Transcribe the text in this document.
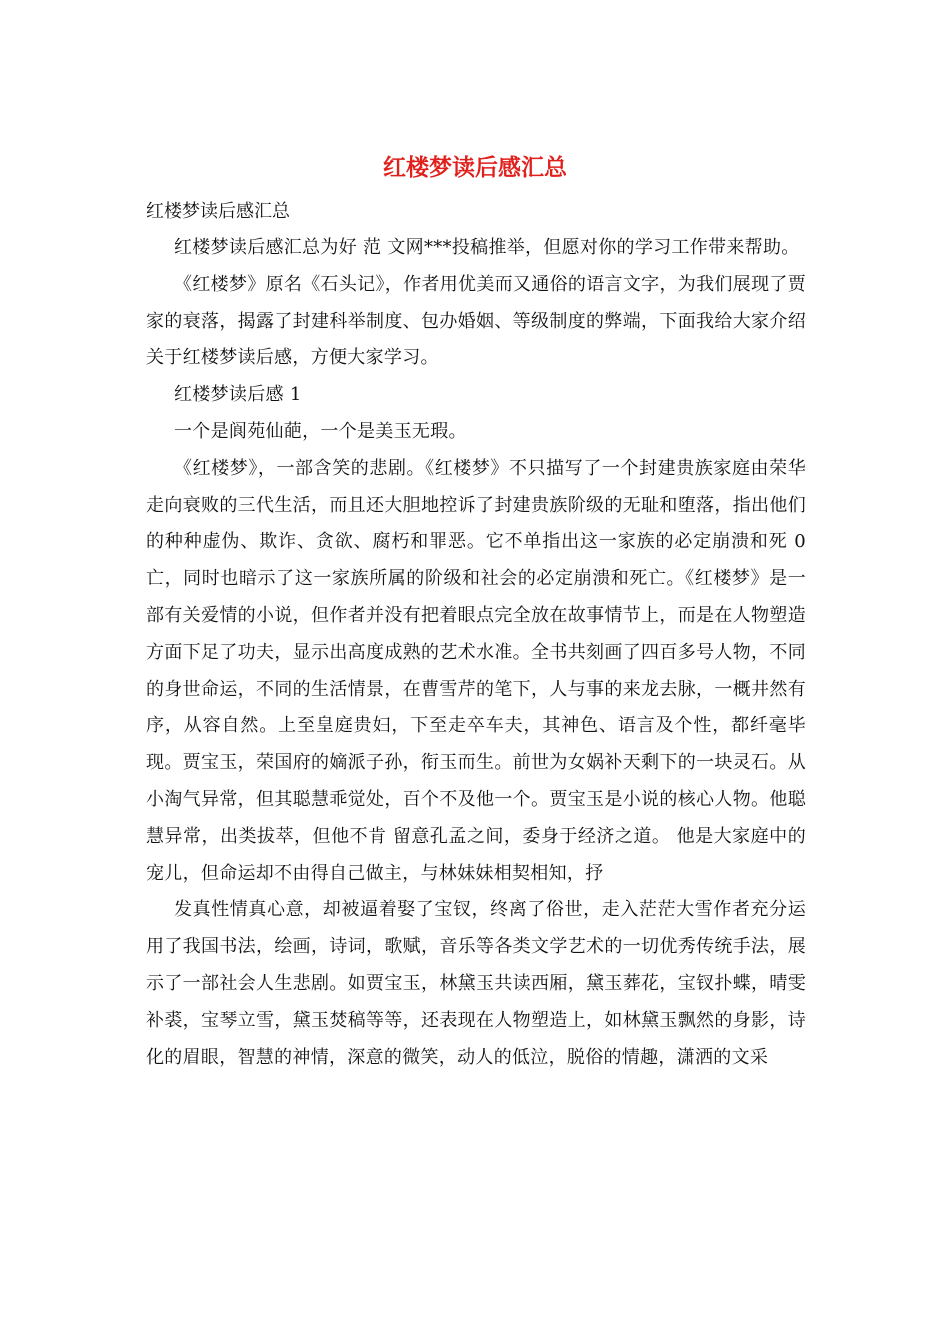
红楼梦读后感汇总
红楼梦读后感汇总

红楼梦读后感汇总为好 范 文网***投稿推举，但愿对你的学习工作带来帮助。

《红楼梦》原名《石头记》，作者用优美而又通俗的语言文字，为我们展现了贾家的衰落，揭露了封建科举制度、包办婚姻、等级制度的弊端，下面我给大家介绍关于红楼梦读后感，方便大家学习。

红楼梦读后感 1

一个是阆苑仙葩，一个是美玉无瑕。

《红楼梦》，一部含笑的悲剧。《红楼梦》不只描写了一个封建贵族家庭由荣华走向衰败的三代生活，而且还大胆地控诉了封建贵族阶级的无耻和堕落，指出他们的种种虚伪、欺诈、贪欲、腐朽和罪恶。它不单指出这一家族的必定崩溃和死 0 亡，同时也暗示了这一家族所属的阶级和社会的必定崩溃和死亡。《红楼梦》是一部有关爱情的小说，但作者并没有把着眼点完全放在故事情节上，而是在人物塑造方面下足了功夫，显示出高度成熟的艺术水准。全书共刻画了四百多号人物，不同的身世命运，不同的生活情景，在曹雪芹的笔下，人与事的来龙去脉，一概井然有序，从容自然。上至皇庭贵妇，下至走卒车夫，其神色、语言及个性，都纤毫毕现。贾宝玉，荣国府的嫡派子孙，衔玉而生。前世为女娲补天剩下的一块灵石。从小淘气异常，但其聪慧乖觉处，百个不及他一个。贾宝玉是小说的核心人物。他聪慧异常，出类拔萃，但他不肯 留意孔孟之间，委身于经济之道。 他是大家庭中的宠儿，但命运却不由得自己做主，与林妹妹相契相知，抒

发真性情真心意，却被逼着娶了宝钗，终离了俗世，走入茫茫大雪作者充分运用了我国书法，绘画，诗词，歌赋，音乐等各类文学艺术的一切优秀传统手法，展示了一部社会人生悲剧。如贾宝玉，林黛玉共读西厢，黛玉葬花，宝钗扑蝶，晴雯补裘，宝琴立雪，黛玉焚稿等等，还表现在人物塑造上，如林黛玉飘然的身影，诗化的眉眼，智慧的神情，深意的微笑，动人的低泣，脱俗的情趣，潇洒的文采
